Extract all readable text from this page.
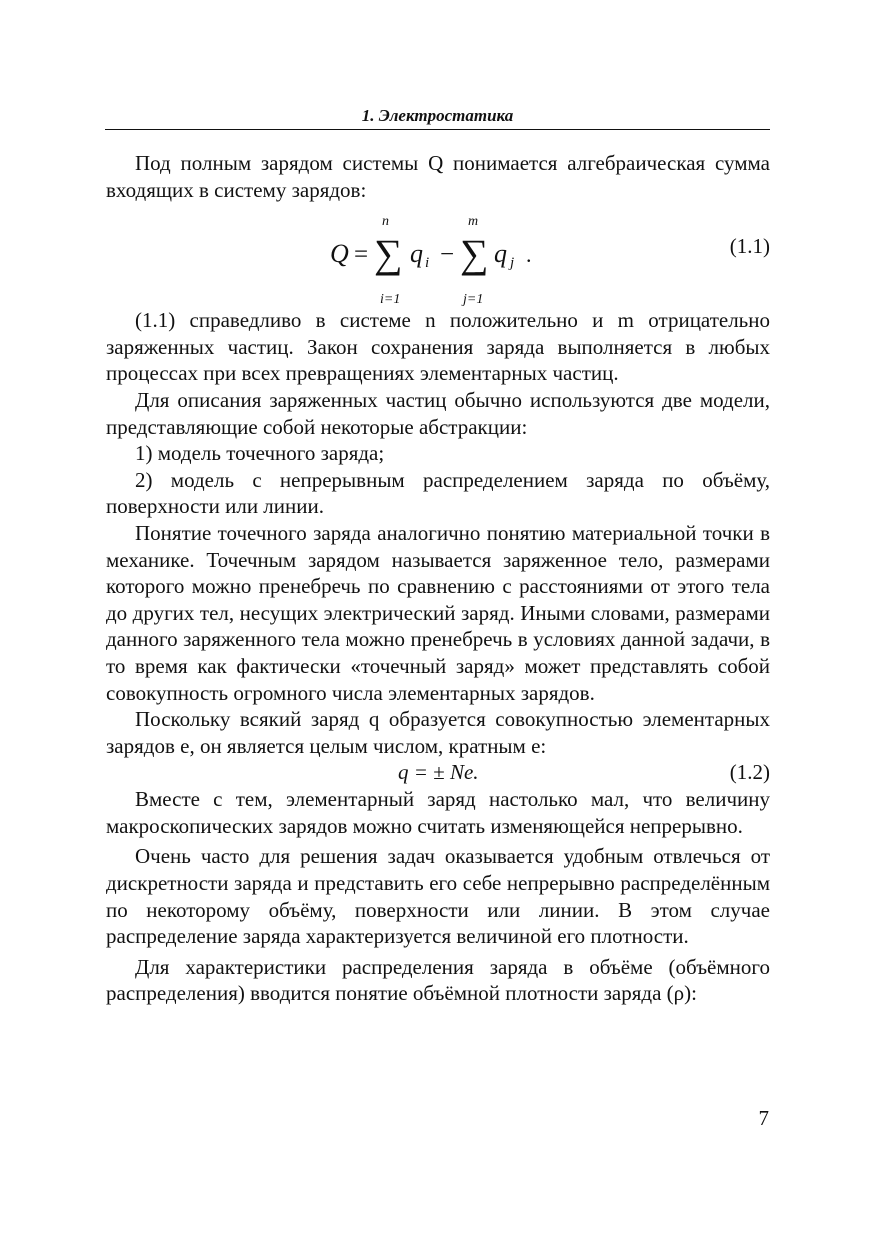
1. Электростатика

Под полным зарядом системы Q понимается алгебраическая сумма входящих в систему зарядов:

Q =
n
∑
i=1
q i −
m
∑
j=1
q j .	(1.1)

(1.1) справедливо в системе n положительно и m отрицательно заряженных частиц. Закон сохранения заряда выполняется в любых процессах при всех превращениях элементарных частиц.

Для описания заряженных частиц обычно используются две модели, представляющие собой некоторые абстракции:

1) модель точечного заряда;

2) модель с непрерывным распределением заряда по объёму, поверхности или линии.

Понятие точечного заряда аналогично понятию материальной точки в механике. Точечным зарядом называется заряженное тело, размерами которого можно пренебречь по сравнению с расстояниями от этого тела до других тел, несущих электрический заряд. Иными словами, размерами данного заряженного тела можно пренебречь в условиях данной задачи, в то время как фактически «точечный заряд» может представлять собой совокупность огромного числа элементарных зарядов.

Поскольку всякий заряд q образуется совокупностью элементарных зарядов е, он является целым числом, кратным e:

q = ± Ne.	(1.2)

Вместе с тем, элементарный заряд настолько мал, что величину макроскопических зарядов можно считать изменяющейся непрерывно.

Очень часто для решения задач оказывается удобным отвлечься от дискретности заряда и представить его себе непрерывно распределённым по некоторому объёму, поверхности или линии. В этом случае распределение заряда характеризуется величиной его плотности.

Для характеристики распределения заряда в объёме (объёмного распределения) вводится понятие объёмной плотности заряда (ρ):

7
